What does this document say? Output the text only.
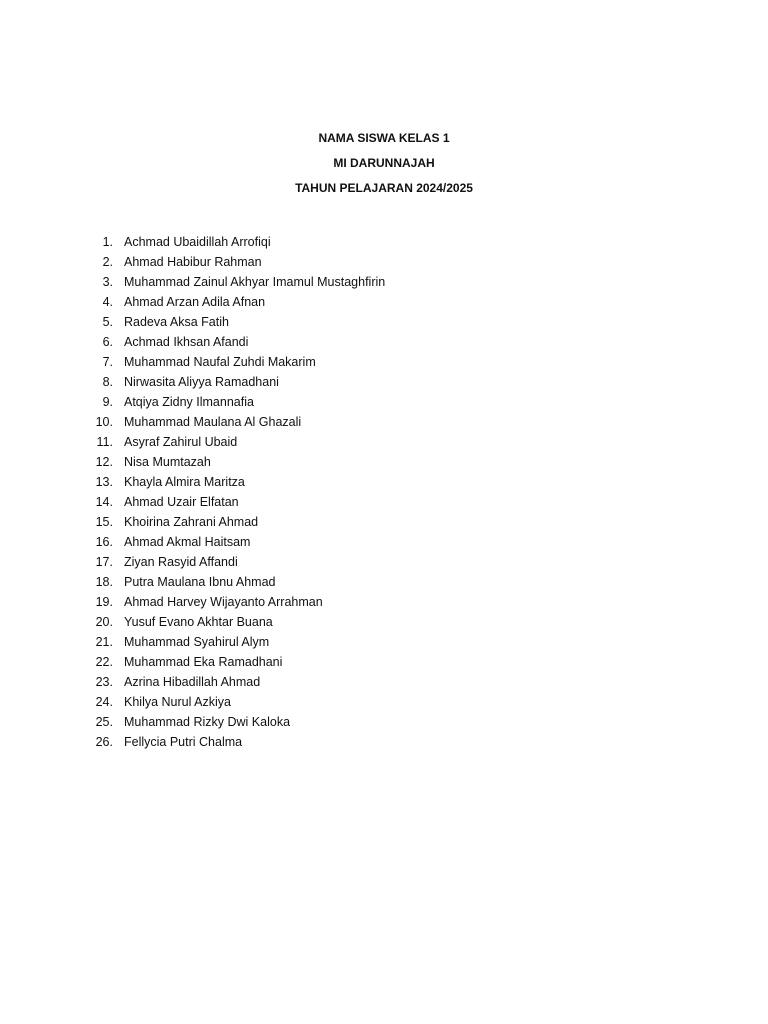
NAMA SISWA KELAS 1
MI DARUNNAJAH
TAHUN PELAJARAN 2024/2025
1. Achmad Ubaidillah Arrofiqi
2. Ahmad Habibur Rahman
3. Muhammad Zainul Akhyar Imamul Mustaghfirin
4. Ahmad Arzan Adila Afnan
5. Radeva Aksa Fatih
6. Achmad Ikhsan Afandi
7. Muhammad Naufal Zuhdi Makarim
8. Nirwasita Aliyya Ramadhani
9. Atqiya Zidny Ilmannafia
10. Muhammad Maulana Al Ghazali
11. Asyraf Zahirul Ubaid
12. Nisa Mumtazah
13. Khayla Almira Maritza
14. Ahmad Uzair Elfatan
15. Khoirina Zahrani Ahmad
16. Ahmad Akmal Haitsam
17. Ziyan Rasyid Affandi
18. Putra Maulana Ibnu Ahmad
19. Ahmad Harvey Wijayanto Arrahman
20. Yusuf Evano Akhtar Buana
21. Muhammad Syahirul Alym
22. Muhammad Eka Ramadhani
23. Azrina Hibadillah Ahmad
24. Khilya Nurul Azkiya
25. Muhammad Rizky Dwi Kaloka
26. Fellycia Putri Chalma
